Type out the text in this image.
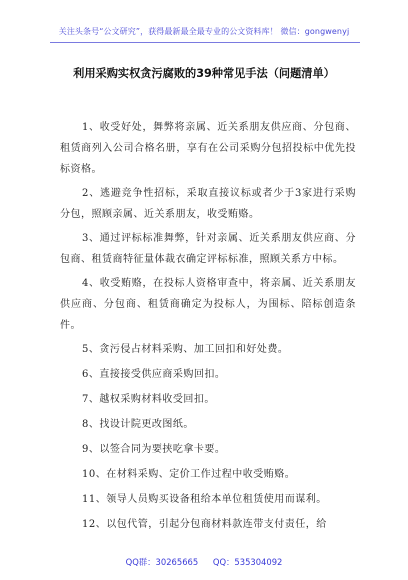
关注头条号“公文研究”，获得最新最全最专业的公文资料库！ 微信：gongwenyj
利用采购实权贪污腐败的39种常见手法（问题清单）

1、收受好处，舞弊将亲属、近关系朋友供应商、分包商、租赁商列入公司合格名册，享有在公司采购分包招投标中优先投标资格。

2、逃避竞争性招标，采取直接议标或者少于3家进行采购分包，照顾亲属、近关系朋友，收受贿赂。

3、通过评标标准舞弊，针对亲属、近关系朋友供应商、分包商、租赁商特征量体裁衣确定评标标准，照顾关系方中标。

4、收受贿赂，在投标人资格审查中，将亲属、近关系朋友供应商、分包商、租赁商确定为投标人，为围标、陪标创造条件。

5、贪污侵占材料采购、加工回扣和好处费。

6、直接接受供应商采购回扣。

7、越权采购材料收受回扣。

8、找设计院更改图纸。

9、以签合同为要挟吃拿卡要。

10、在材料采购、定价工作过程中收受贿赂。

11、领导人员购买设备租给本单位租赁使用而谋利。

12、以包代管，引起分包商材料款连带支付责任，给

QQ群：30265665 QQ：535304092
